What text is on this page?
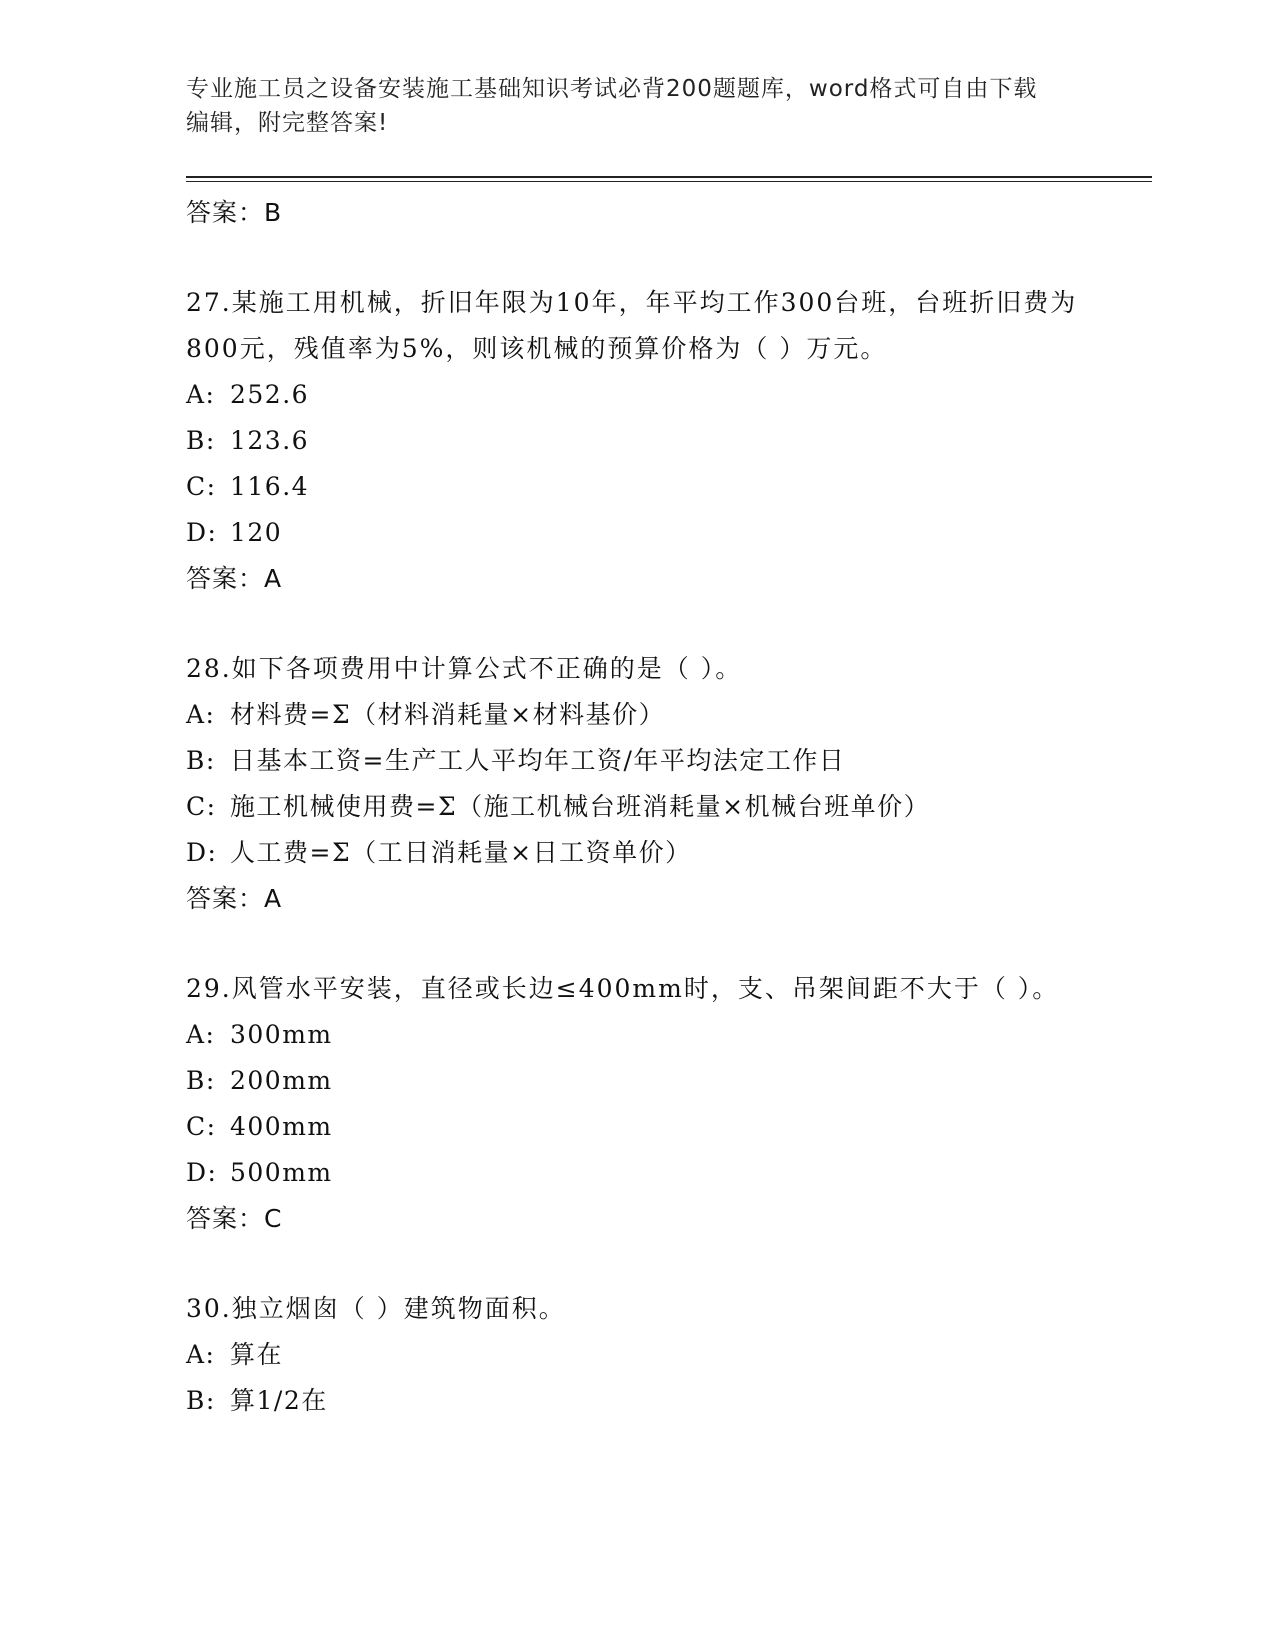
专业施工员之设备安装施工基础知识考试必背200题题库，word格式可自由下载
编辑，附完整答案!
答案：B
27.某施工用机械，折旧年限为10年，年平均工作300台班，台班折旧费为800元，残值率为5%，则该机械的预算价格为（ ）万元。
A: 252.6
B: 123.6
C: 116.4
D: 120
答案：A
28.如下各项费用中计算公式不正确的是（ ）。
A: 材料费=Σ（材料消耗量×材料基价）
B: 日基本工资=生产工人平均年工资/年平均法定工作日
C: 施工机械使用费=Σ（施工机械台班消耗量×机械台班单价）
D: 人工费=Σ（工日消耗量×日工资单价）
答案：A
29.风管水平安装，直径或长边≤400mm时，支、吊架间距不大于（ ）。
A: 300mm
B: 200mm
C: 400mm
D: 500mm
答案：C
30.独立烟囱（ ）建筑物面积。
A: 算在
B: 算1/2在
